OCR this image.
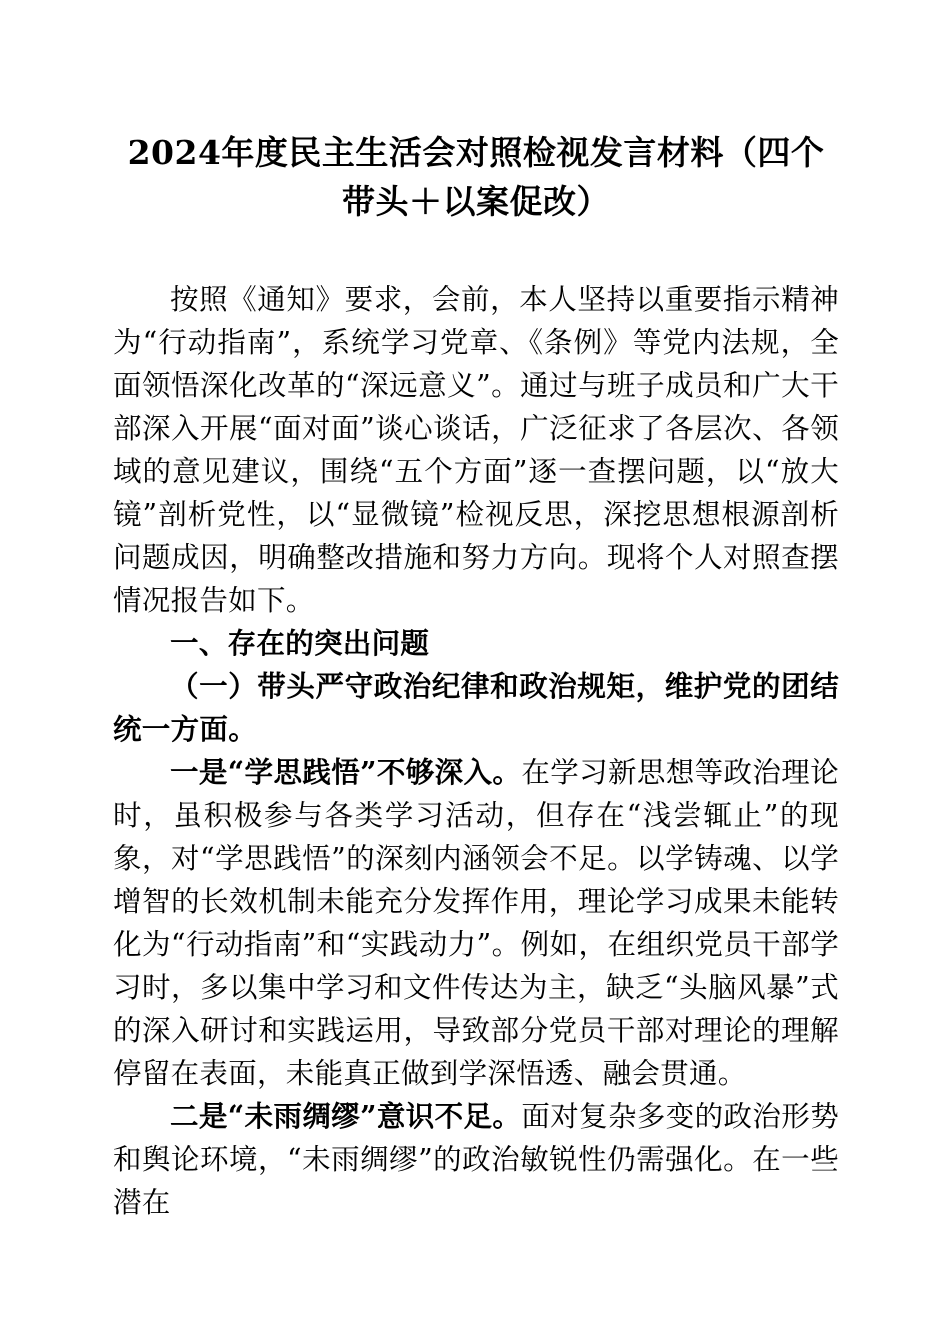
2024年度民主生活会对照检视发言材料（四个带头＋以案促改）

按照《通知》要求，会前，本人坚持以重要指示精神为“行动指南”，系统学习党章、《条例》等党内法规，全面领悟深化改革的“深远意义”。通过与班子成员和广大干部深入开展“面对面”谈心谈话，广泛征求了各层次、各领域的意见建议，围绕“五个方面”逐一查摆问题，以“放大镜”剖析党性，以“显微镜”检视反思，深挖思想根源剖析问题成因，明确整改措施和努力方向。现将个人对照查摆情况报告如下。

一、存在的突出问题
（一）带头严守政治纪律和政治规矩，维护党的团结统一方面。

一是“学思践悟”不够深入。在学习新思想等政治理论时，虽积极参与各类学习活动，但存在“浅尝辄止”的现象，对“学思践悟”的深刻内涵领会不足。以学铸魂、以学增智的长效机制未能充分发挥作用，理论学习成果未能转化为“行动指南”和“实践动力”。例如，在组织党员干部学习时，多以集中学习和文件传达为主，缺乏“头脑风暴”式的深入研讨和实践运用，导致部分党员干部对理论的理解停留在表面，未能真正做到学深悟透、融会贯通。

二是“未雨绸缪”意识不足。面对复杂多变的政治形势和舆论环境，“未雨绸缪”的政治敏锐性仍需强化。在一些潜在
